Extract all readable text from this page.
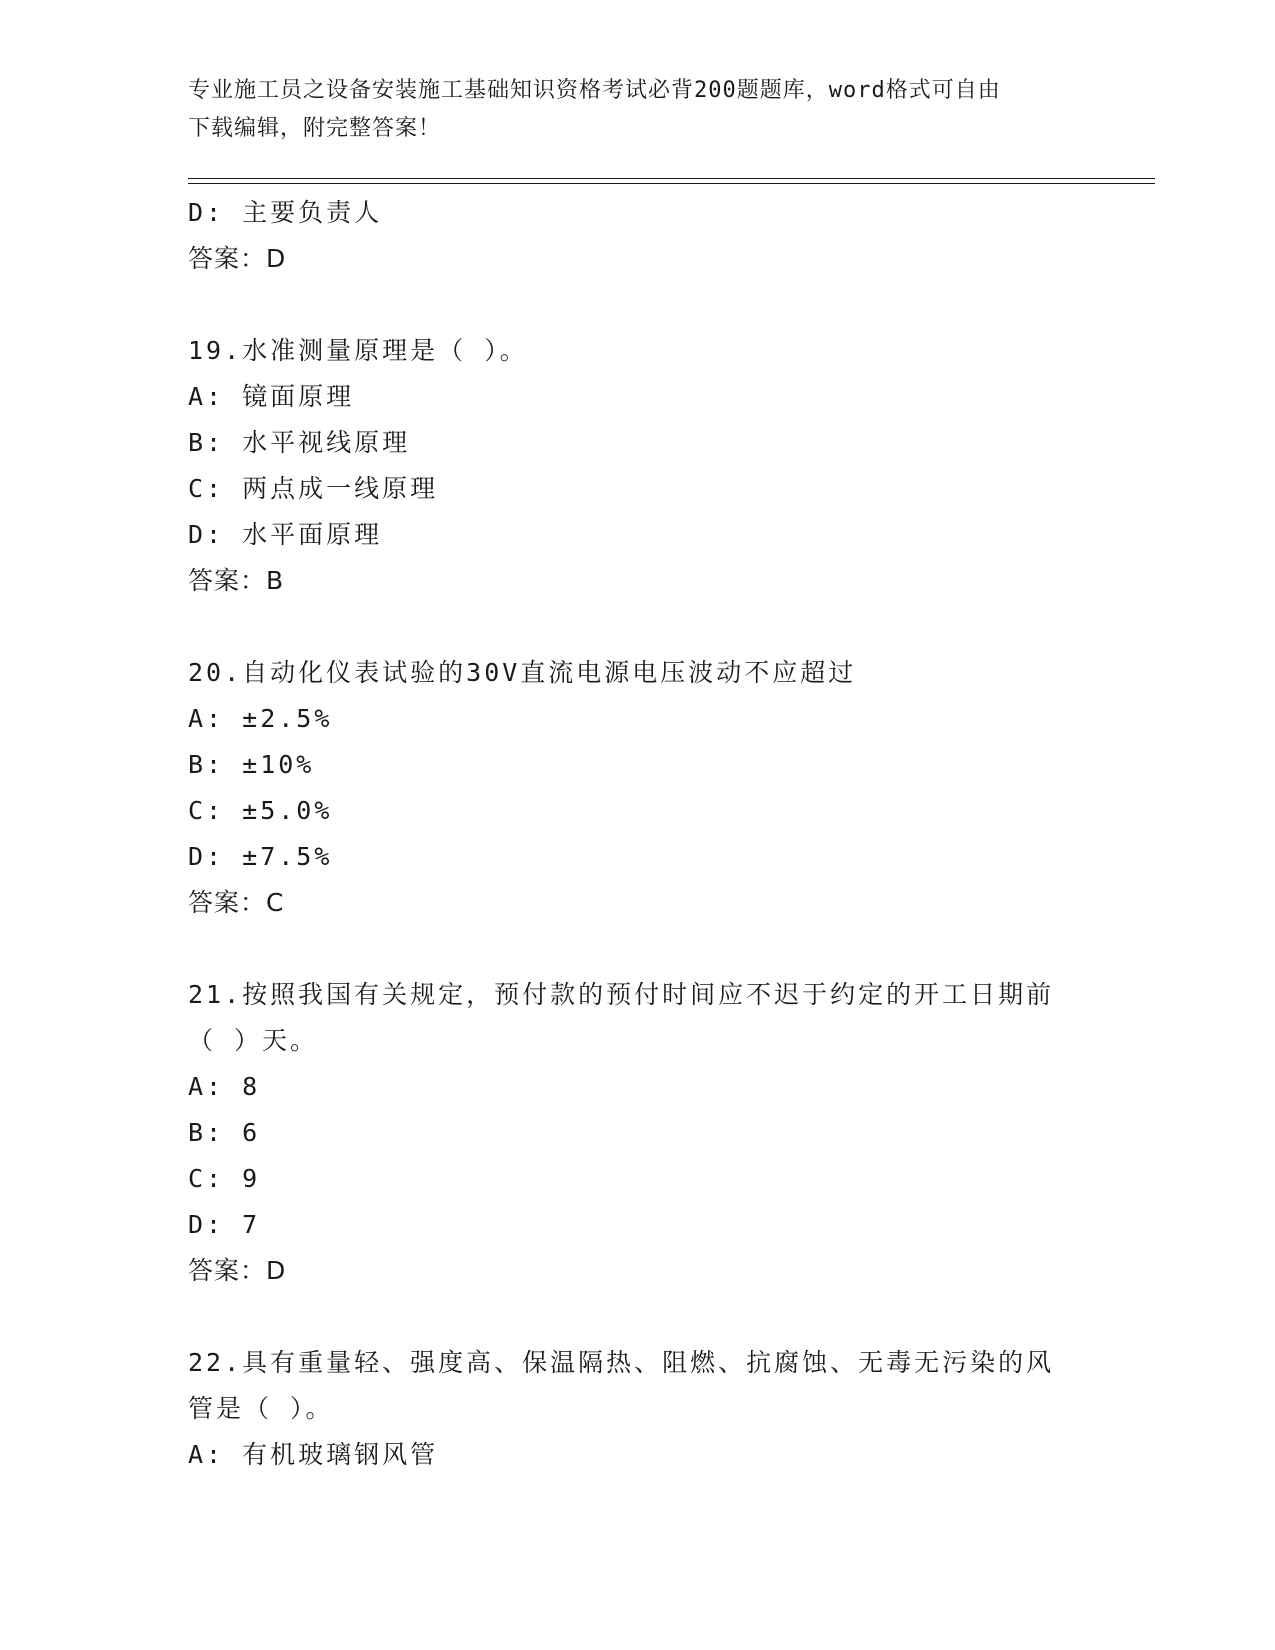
专业施工员之设备安装施工基础知识资格考试必背200题题库，word格式可自由
下载编辑，附完整答案！
D: 主要负责人
答案：D
19.水准测量原理是（ ）。
A: 镜面原理
B: 水平视线原理
C: 两点成一线原理
D: 水平面原理
答案：B
20.自动化仪表试验的30V直流电源电压波动不应超过
A: ±2.5%
B: ±10%
C: ±5.0%
D: ±7.5%
答案：C
21.按照我国有关规定，预付款的预付时间应不迟于约定的开工日期前
（ ）天。
A: 8
B: 6
C: 9
D: 7
答案：D
22.具有重量轻、强度高、保温隔热、阻燃、抗腐蚀、无毒无污染的风
管是（ ）。
A: 有机玻璃钢风管
